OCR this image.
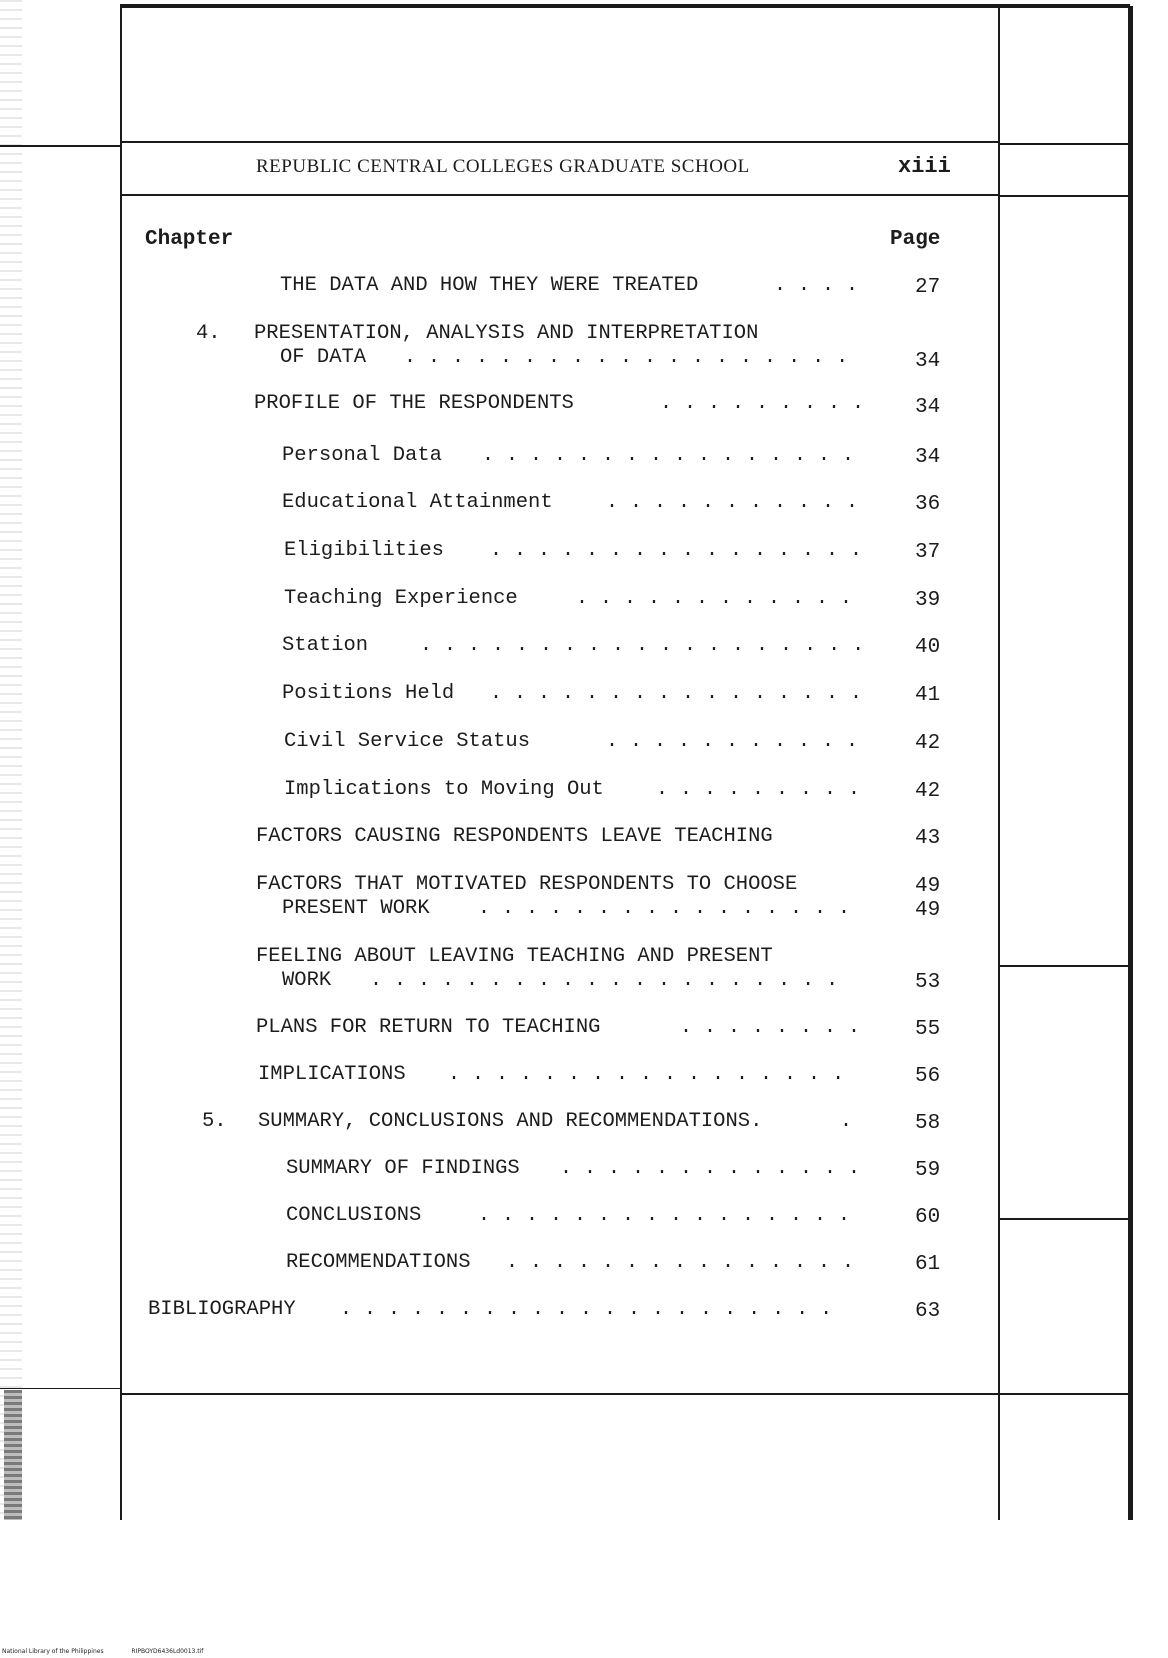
REPUBLIC CENTRAL COLLEGES GRADUATE SCHOOL	xiii
Chapter	Page
THE DATA AND HOW THEY WERE TREATED	. . . .	27
4. PRESENTATION, ANALYSIS AND INTERPRETATION
OF DATA . . . . . . . . . . . . . . . . . . .	34
PROFILE OF THE RESPONDENTS	. . . . . . . . .	34
Personal Data . . . . . . . . . . . . . . . .	34
Educational Attainment	. . . . . . . . . . .	36
Eligibilities . . . . . . . . . . . . . . . .	37
Teaching Experience	. . . . . . . . . . . .	39
Station	. . . . . . . . . . . . . . . . . . .	40
Positions Held . . . . . . . . . . . . . . . .	41
Civil Service Status	. . . . . . . . . . .	42
Implications to Moving Out	. . . . . . . . .	42
FACTORS CAUSING RESPONDENTS LEAVE TEACHING	43
FACTORS THAT MOTIVATED RESPONDENTS TO CHOOSE	49
PRESENT WORK . . . . . . . . . . . . . . . .	49
FEELING ABOUT LEAVING TEACHING AND PRESENT
WORK . . . . . . . . . . . . . . . . . . . .	53
PLANS FOR RETURN TO TEACHING	. . . . . . . .	55
IMPLICATIONS . . . . . . . . . . . . . . . . .	56
5. SUMMARY, CONCLUSIONS AND RECOMMENDATIONS.	.	58
SUMMARY OF FINDINGS . . . . . . . . . . . . .	59
CONCLUSIONS	. . . . . . . . . . . . . . . .	60
RECOMMENDATIONS . . . . . . . . . . . . . . .	61
BIBLIOGRAPHY . . . . . . . . . . . . . . . . . . . . .	63
National Library of the Philippines	RIPBOYD6436Ld0013.tif
